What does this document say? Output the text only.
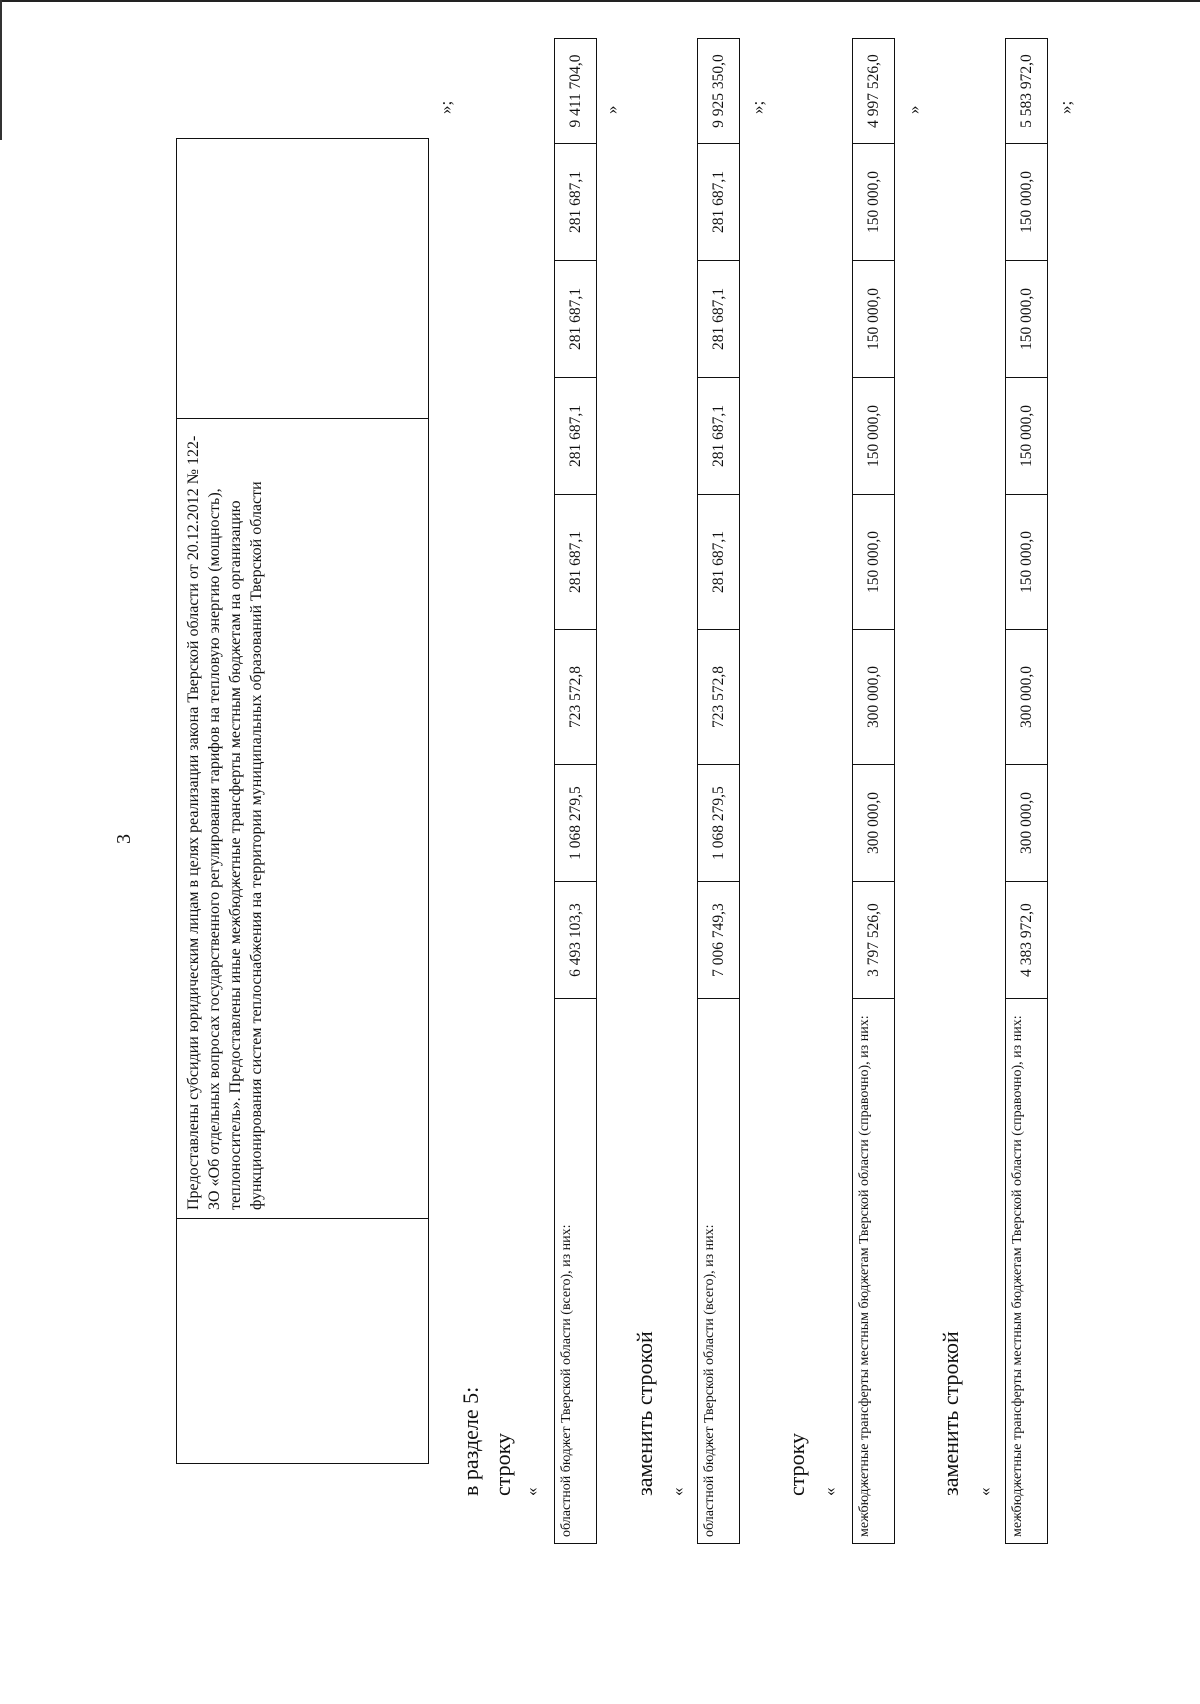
3
		Предоставлены субсидии юридическим лицам в целях реализации закона Тверской области от 20.12.2012 № 122-ЗО «Об отдельных вопросах государственного регулирования тарифов на тепловую энергию (мощность), теплоноситель». Предоставлены иные межбюджетные трансферты местным бюджетам на организацию функционирования систем теплоснабжения на территории муниципальных образований Тверской области	
»;
в разделе 5: строку « областной бюджет Тверской области (всего), из них:	6 493 103,3	1 068 279,5	723 572,8	281 687,1	281 687,1	281 687,1	281 687,1	9 411 704,0 »
заменить строкой « областной бюджет Тверской области (всего), из них:	7 006 749,3	1 068 279,5	723 572,8	281 687,1	281 687,1	281 687,1	281 687,1	9 925 350,0 »;
строку « межбюджетные трансферты местным бюджетам Тверской области (справочно), из них:	3 797 526,0	300 000,0	300 000,0	150 000,0	150 000,0	150 000,0	150 000,0	4 997 526,0 »
заменить строкой « межбюджетные трансферты местным бюджетам Тверской области (справочно), из них:	4 383 972,0	300 000,0	300 000,0	150 000,0	150 000,0	150 000,0	150 000,0	5 583 972,0 »;
